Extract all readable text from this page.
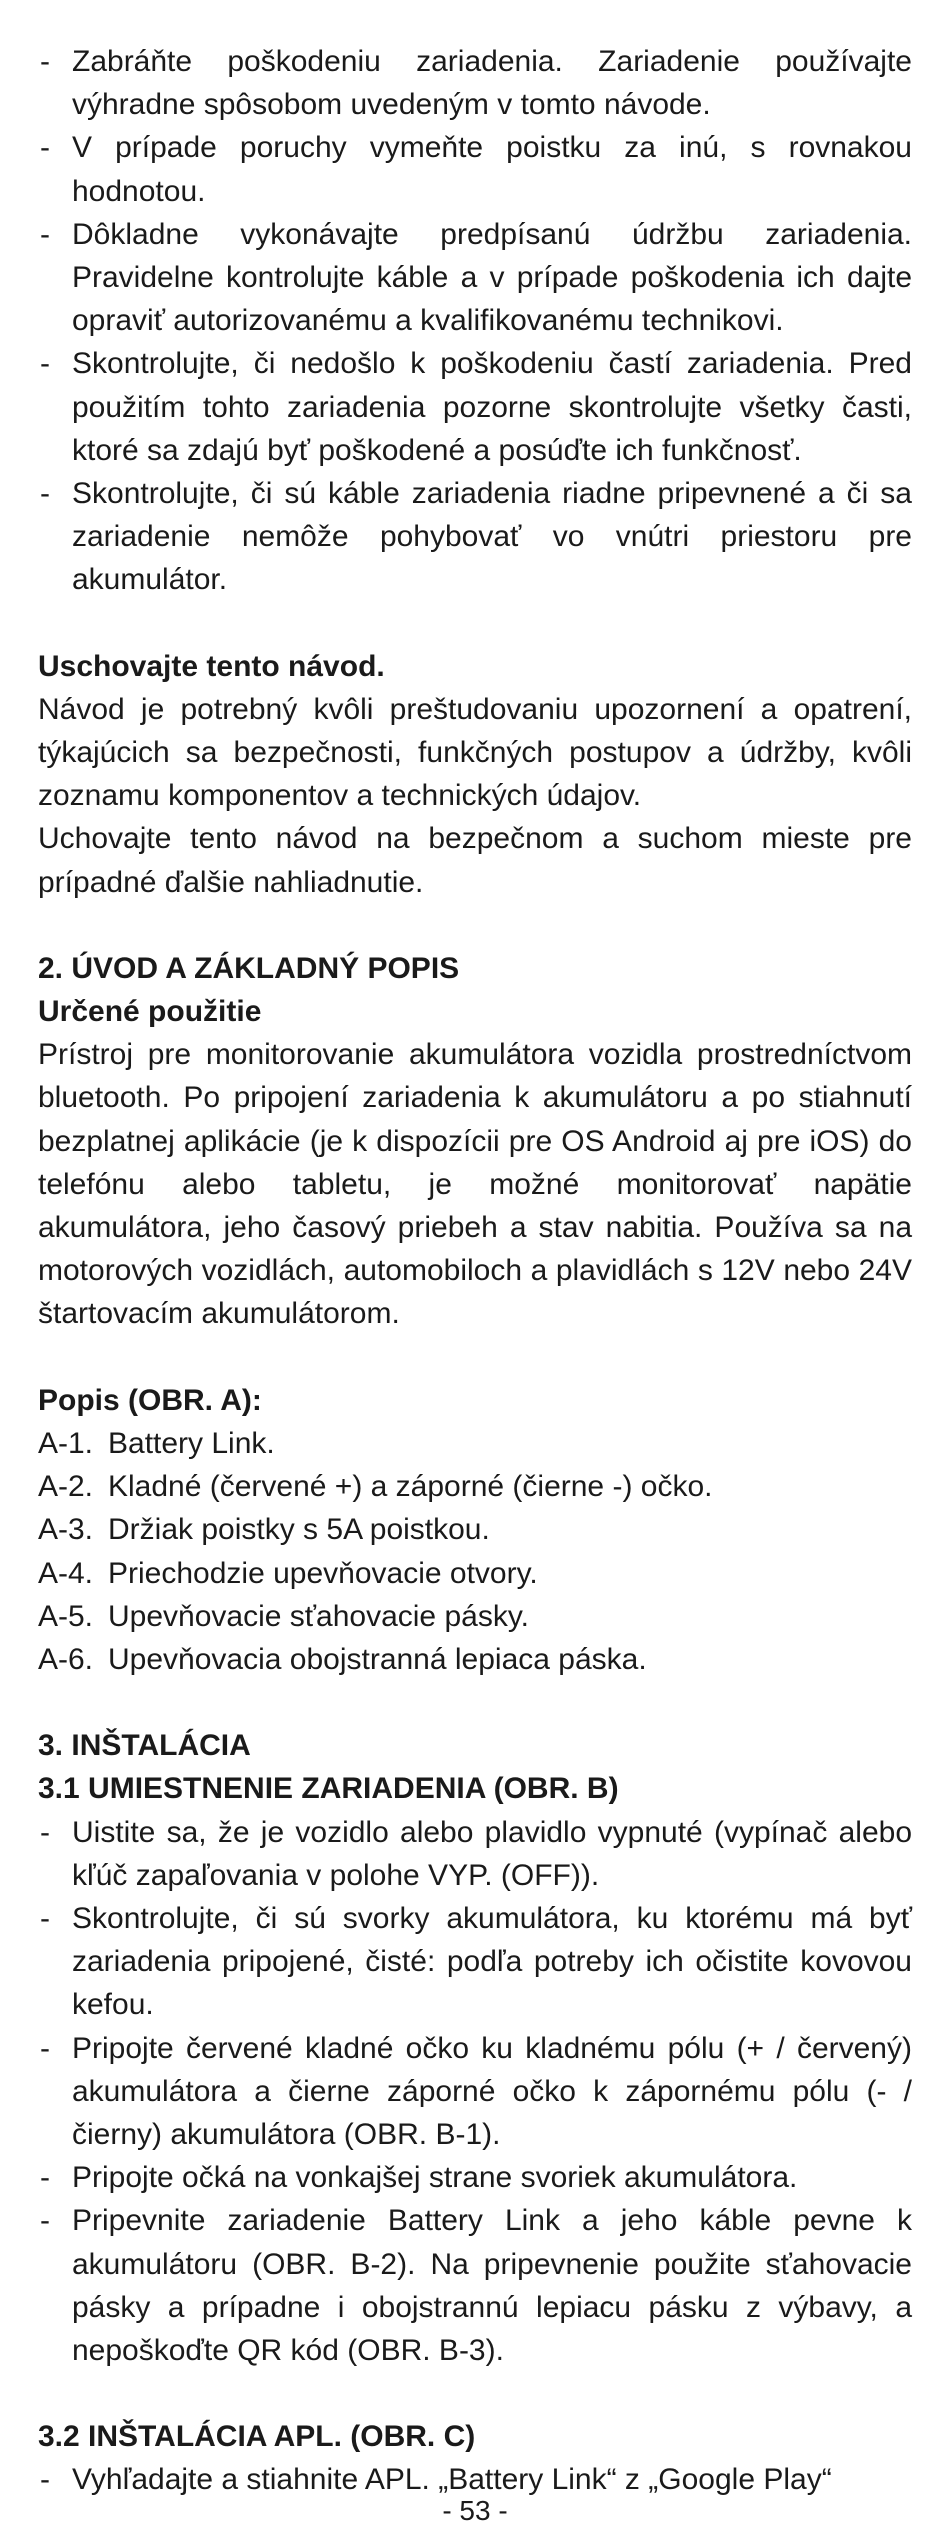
- Zabráňte poškodeniu zariadenia. Zariadenie používajte výhradne spôsobom uvedeným v tomto návode.
- V prípade poruchy vymeňte poistku za inú, s rovnakou hodnotou.
- Dôkladne vykonávajte predpísanú údržbu zariadenia. Pravidelne kontrolujte káble a v prípade poškodenia ich dajte opraviť autorizovanému a kvalifikovanému technikovi.
- Skontrolujte, či nedošlo k poškodeniu častí zariadenia. Pred použitím tohto zariadenia pozorne skontrolujte všetky časti, ktoré sa zdajú byť poškodené a posúďte ich funkčnosť.
- Skontrolujte, či sú káble zariadenia riadne pripevnené a či sa zariadenie nemôže pohybovať vo vnútri priestoru pre akumulátor.

Uschovajte tento návod.

Návod je potrebný kvôli preštudovaniu upozornení a opatrení, týkajúcich sa bezpečnosti, funkčných postupov a údržby, kvôli zoznamu komponentov a technických údajov.

Uchovajte tento návod na bezpečnom a suchom mieste pre prípadné ďalšie nahliadnutie.

2. ÚVOD A ZÁKLADNÝ POPIS

Určené použitie

Prístroj pre monitorovanie akumulátora vozidla prostredníctvom bluetooth. Po pripojení zariadenia k akumulátoru a po stiahnutí bezplatnej aplikácie (je k dispozícii pre OS Android aj pre iOS) do telefónu alebo tabletu, je možné monitorovať napätie akumulátora, jeho časový priebeh a stav nabitia. Používa sa na motorových vozidlách, automobiloch a plavidlách s 12V nebo 24V štartovacím akumulátorom.

Popis (OBR. A):

A-1. Battery Link.
A-2. Kladné (červené +) a záporné (čierne -) očko.
A-3. Držiak poistky s 5A poistkou.
A-4. Priechodzie upevňovacie otvory.
A-5. Upevňovacie sťahovacie pásky.
A-6. Upevňovacia obojstranná lepiaca páska.

3. INŠTALÁCIA

3.1 UMIESTNENIE ZARIADENIA (OBR. B)

- Uistite sa, že je vozidlo alebo plavidlo vypnuté (vypínač alebo kľúč zapaľovania v polohe VYP. (OFF)).
- Skontrolujte, či sú svorky akumulátora, ku ktorému má byť zariadenia pripojené, čisté: podľa potreby ich očistite kovovou kefou.
- Pripojte červené kladné očko ku kladnému pólu (+ / červený) akumulátora a čierne záporné očko k zápornému pólu (- / čierny) akumulátora (OBR. B-1).
- Pripojte očká na vonkajšej strane svoriek akumulátora.
- Pripevnite zariadenie Battery Link a jeho káble pevne k akumulátoru (OBR. B-2). Na pripevnenie použite sťahovacie pásky a prípadne i obojstrannú lepiacu pásku z výbavy, a nepoškoďte QR kód (OBR. B-3).

3.2 INŠTALÁCIA APL. (OBR. C)

- Vyhľadajte a stiahnite APL. „Battery Link“ z „Google Play“
- 53 -
